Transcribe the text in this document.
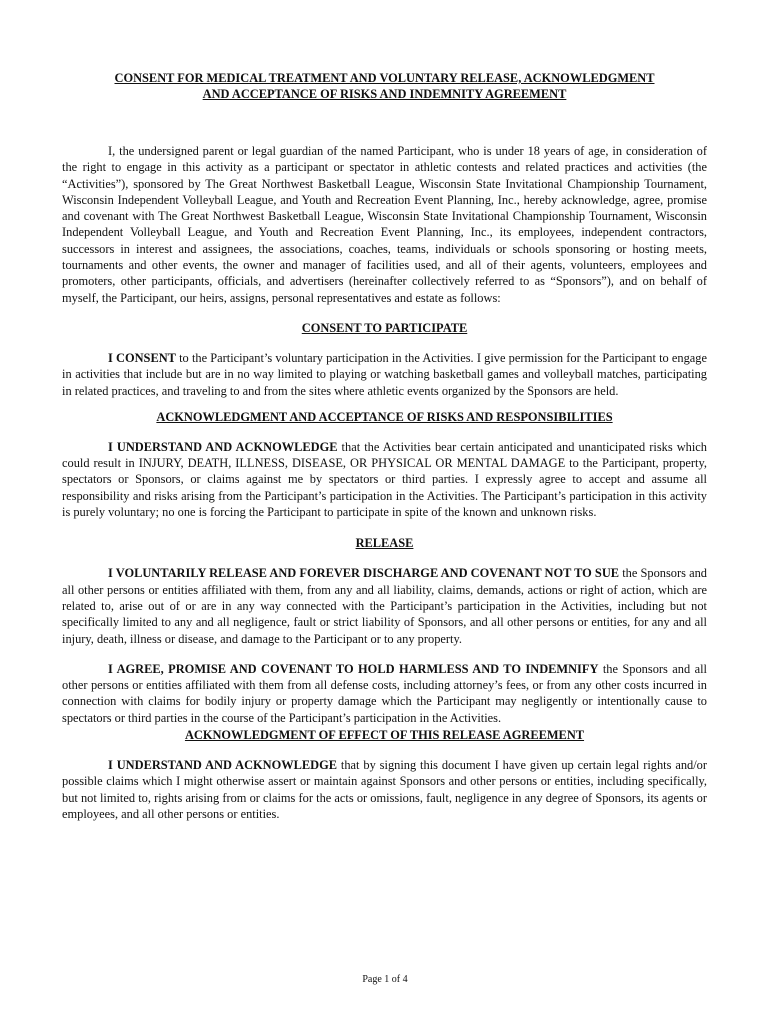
CONSENT FOR MEDICAL TREATMENT AND VOLUNTARY RELEASE, ACKNOWLEDGMENT
AND ACCEPTANCE OF RISKS AND INDEMNITY AGREEMENT

I, the undersigned parent or legal guardian of the named Participant, who is under 18 years of age, in consideration of the right to engage in this activity as a participant or spectator in athletic contests and related practices and activities (the “Activities”), sponsored by The Great Northwest Basketball League, Wisconsin State Invitational Championship Tournament, Wisconsin Independent Volleyball League, and Youth and Recreation Event Planning, Inc., hereby acknowledge, agree, promise and covenant with The Great Northwest Basketball League, Wisconsin State Invitational Championship Tournament, Wisconsin Independent Volleyball League, and Youth and Recreation Event Planning, Inc., its employees, independent contractors, successors in interest and assignees, the associations, coaches, teams, individuals or schools sponsoring or hosting meets, tournaments and other events, the owner and manager of facilities used, and all of their agents, volunteers, employees and promoters, other participants, officials, and advertisers (hereinafter collectively referred to as “Sponsors”), and on behalf of myself, the Participant, our heirs, assigns, personal representatives and estate as follows:

CONSENT TO PARTICIPATE

I CONSENT to the Participant’s voluntary participation in the Activities. I give permission for the Participant to engage in activities that include but are in no way limited to playing or watching basketball games and volleyball matches, participating in related practices, and traveling to and from the sites where athletic events organized by the Sponsors are held.

ACKNOWLEDGMENT AND ACCEPTANCE OF RISKS AND RESPONSIBILITIES

I UNDERSTAND AND ACKNOWLEDGE that the Activities bear certain anticipated and unanticipated risks which could result in INJURY, DEATH, ILLNESS, DISEASE, OR PHYSICAL OR MENTAL DAMAGE to the Participant, property, spectators or Sponsors, or claims against me by spectators or third parties. I expressly agree to accept and assume all responsibility and risks arising from the Participant’s participation in the Activities. The Participant’s participation in this activity is purely voluntary; no one is forcing the Participant to participate in spite of the known and unknown risks.

RELEASE

I VOLUNTARILY RELEASE AND FOREVER DISCHARGE AND COVENANT NOT TO SUE the Sponsors and all other persons or entities affiliated with them, from any and all liability, claims, demands, actions or right of action, which are related to, arise out of or are in any way connected with the Participant’s participation in the Activities, including but not specifically limited to any and all negligence, fault or strict liability of Sponsors, and all other persons or entities, for any and all injury, death, illness or disease, and damage to the Participant or to any property.

I AGREE, PROMISE AND COVENANT TO HOLD HARMLESS AND TO INDEMNIFY the Sponsors and all other persons or entities affiliated with them from all defense costs, including attorney’s fees, or from any other costs incurred in connection with claims for bodily injury or property damage which the Participant may negligently or intentionally cause to spectators or third parties in the course of the Participant’s participation in the Activities.

ACKNOWLEDGMENT OF EFFECT OF THIS RELEASE AGREEMENT

I UNDERSTAND AND ACKNOWLEDGE that by signing this document I have given up certain legal rights and/or possible claims which I might otherwise assert or maintain against Sponsors and other persons or entities, including specifically, but not limited to, rights arising from or claims for the acts or omissions, fault, negligence in any degree of Sponsors, its agents or employees, and all other persons or entities.

Page 1 of 4
